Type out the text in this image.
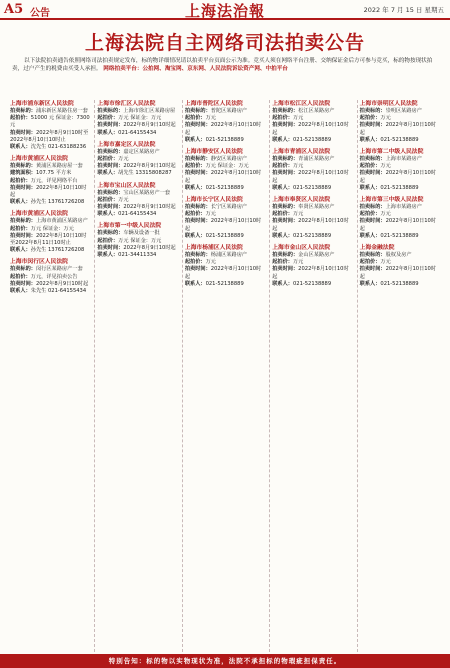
A5 公告	上海法治報	2022 年 7 月 15 日 星期五
上海法院自主网络司法拍卖公告
以下法院拍卖通告依照网络司法拍卖规定发布，标的物详细情况请以拍卖平台页面公示为准。竞买人须在网络平台注册、交纳保证金后方可参与竞买，标的物按现状拍卖，过户产生的税费由买受人承担。 网络拍卖平台：公拍网、淘宝网、京东网、人民法院诉讼资产网、中拍平台
上海市浦东新区人民法院
拍卖标的：浦东新区某路住房一套
起拍价：51000 元 保证金：7300 元
拍卖时间：2022年8月9日10时至2022年8月10日10时止
联系人：沈先生 021-63188236
上海市黄浦区人民法院
拍卖标的：黄浦区某路房屋一套
建筑面积：107.75 平方米
起拍价：万元，详见网络平台
拍卖时间：2022年8月10日10时起
联系人：孙先生 13761726208
上海市黄浦区人民法院
拍卖标的：上海市黄浦区某路房产
起拍价：万元 保证金：万元
拍卖时间：2022年8月10日10时至2022年8月11日10时止
联系人：孙先生 13761726208
上海市闵行区人民法院
拍卖标的：闵行区某路房产一套
起拍价：万元，详见拍卖公告
拍卖时间：2022年8月9日10时起
联系人：朱先生 021-64155434
上海市徐汇区人民法院
拍卖标的：上海市徐汇区某路房屋
起拍价：万元 保证金：万元
拍卖时间：2022年8月9日10时起
联系人：021-64155434
上海市嘉定区人民法院
拍卖标的：嘉定区某路房产
起拍价：万元
拍卖时间：2022年8月9日10时起
联系人：胡先生 13315808287
上海市宝山区人民法院
拍卖标的：宝山区某路房产一套
起拍价：万元
拍卖时间：2022年8月9日10时起
联系人：021-64155434
上海市第一中级人民法院
拍卖标的：车辆及设备一批
起拍价：万元 保证金：万元
拍卖时间：2022年8月9日10时起
联系人：021-34411334
上海市普陀区人民法院
拍卖标的：普陀区某路房产
起拍价：万元
拍卖时间：2022年8月10日10时起
联系人：021-52138889
上海市静安区人民法院
拍卖标的：静安区某路房产
起拍价：万元 保证金：万元
拍卖时间：2022年8月10日10时起
联系人：021-52138889
上海市长宁区人民法院
拍卖标的：长宁区某路房产
起拍价：万元
拍卖时间：2022年8月10日10时起
联系人：021-52138889
上海市杨浦区人民法院
拍卖标的：杨浦区某路房产
起拍价：万元
拍卖时间：2022年8月10日10时起
联系人：021-52138889
上海市松江区人民法院
拍卖标的：松江区某路房产
起拍价：万元
拍卖时间：2022年8月10日10时起
联系人：021-52138889
上海市青浦区人民法院
拍卖标的：青浦区某路房产
起拍价：万元
拍卖时间：2022年8月10日10时起
联系人：021-52138889
上海市奉贤区人民法院
拍卖标的：奉贤区某路房产
起拍价：万元
拍卖时间：2022年8月10日10时起
联系人：021-52138889
上海市金山区人民法院
拍卖标的：金山区某路房产
起拍价：万元
拍卖时间：2022年8月10日10时起
联系人：021-52138889
上海市崇明区人民法院
拍卖标的：崇明区某路房产
起拍价：万元
拍卖时间：2022年8月10日10时起
联系人：021-52138889
上海市第二中级人民法院
拍卖标的：上海市某路房产
起拍价：万元
拍卖时间：2022年8月10日10时起
联系人：021-52138889
上海市第三中级人民法院
拍卖标的：上海市某路房产
起拍价：万元
拍卖时间：2022年8月10日10时起
联系人：021-52138889
上海金融法院
拍卖标的：股权及房产
起拍价：万元
拍卖时间：2022年8月10日10时起
联系人：021-52138889
特别告知：标的物以实物现状为准，法院不承担标的物瑕疵担保责任。
